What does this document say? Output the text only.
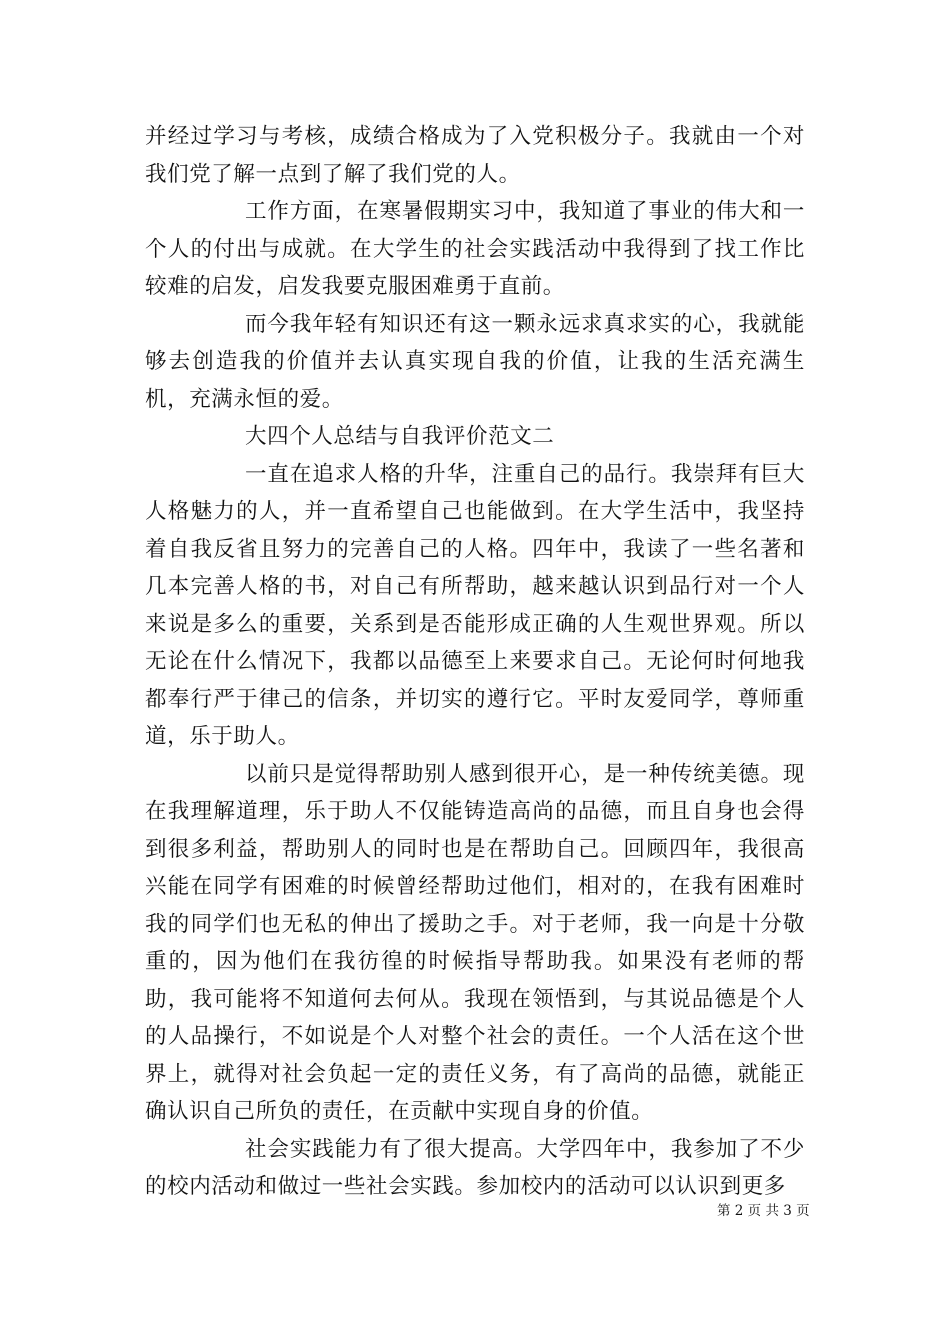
并经过学习与考核，成绩合格成为了入党积极分子。我就由一个对我们党了解一点到了解了我们党的人。

工作方面，在寒暑假期实习中，我知道了事业的伟大和一个人的付出与成就。在大学生的社会实践活动中我得到了找工作比较难的启发，启发我要克服困难勇于直前。

而今我年轻有知识还有这一颗永远求真求实的心，我就能够去创造我的价值并去认真实现自我的价值，让我的生活充满生机，充满永恒的爱。

大四个人总结与自我评价范文二

一直在追求人格的升华，注重自己的品行。我崇拜有巨大人格魅力的人，并一直希望自己也能做到。在大学生活中，我坚持着自我反省且努力的完善自己的人格。四年中，我读了一些名著和几本完善人格的书，对自己有所帮助，越来越认识到品行对一个人来说是多么的重要，关系到是否能形成正确的人生观世界观。所以无论在什么情况下，我都以品德至上来要求自己。无论何时何地我都奉行严于律己的信条，并切实的遵行它。平时友爱同学，尊师重道，乐于助人。

以前只是觉得帮助别人感到很开心，是一种传统美德。现在我理解道理，乐于助人不仅能铸造高尚的品德，而且自身也会得到很多利益，帮助别人的同时也是在帮助自己。回顾四年，我很高兴能在同学有困难的时候曾经帮助过他们，相对的，在我有困难时我的同学们也无私的伸出了援助之手。对于老师，我一向是十分敬重的，因为他们在我彷徨的时候指导帮助我。如果没有老师的帮助，我可能将不知道何去何从。我现在领悟到，与其说品德是个人的人品操行，不如说是个人对整个社会的责任。一个人活在这个世界上，就得对社会负起一定的责任义务，有了高尚的品德，就能正确认识自己所负的责任，在贡献中实现自身的价值。

社会实践能力有了很大提高。大学四年中，我参加了不少的校内活动和做过一些社会实践。参加校内的活动可以认识到更多

第 2 页 共 3 页
